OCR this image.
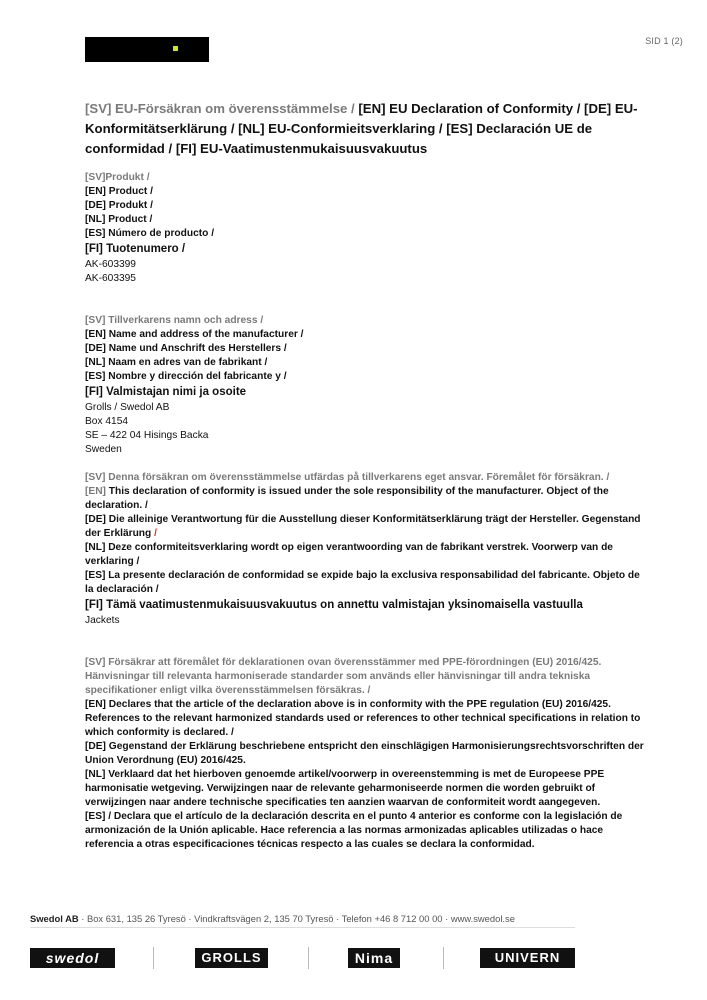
SID 1 (2)

[SV] EU-Försäkran om överensstämmelse / [EN] EU Declaration of Conformity / [DE] EU-Konformitätserklärung / [NL] EU-Conformieitsverklaring / [ES] Declaración UE de conformidad / [FI] EU-Vaatimustenmukaisuusvakuutus

[SV]Produkt /
[EN] Product /
[DE] Produkt /
[NL] Product /
[ES] Número de producto /
[FI] Tuotenumero /
AK-603399
AK-603395
[SV] Tillverkarens namn och adress /
[EN] Name and address of the manufacturer /
[DE] Name und Anschrift des Herstellers /
[NL] Naam en adres van de fabrikant /
[ES] Nombre y dirección del fabricante y /
[FI] Valmistajan nimi ja osoite
Grolls / Swedol AB
Box 4154
SE – 422 04 Hisings Backa
Sweden
[SV] Denna försäkran om överensstämmelse utfärdas på tillverkarens eget ansvar. Föremålet för försäkran. /
[EN] This declaration of conformity is issued under the sole responsibility of the manufacturer. Object of the declaration. /
[DE] Die alleinige Verantwortung für die Ausstellung dieser Konformitätserklärung trägt der Hersteller. Gegenstand der Erklärung /
[NL] Deze conformiteitsverklaring wordt op eigen verantwoording van de fabrikant verstrek. Voorwerp van de verklaring /
[ES] La presente declaración de conformidad se expide bajo la exclusiva responsabilidad del fabricante. Objeto de la declaración /
[FI] Tämä vaatimustenmukaisuusvakuutus on annettu valmistajan yksinomaisella vastuulla
Jackets
[SV] Försäkrar att föremålet för deklarationen ovan överensstämmer med PPE-förordningen (EU) 2016/425. Hänvisningar till relevanta harmoniserade standarder som används eller hänvisningar till andra tekniska specifikationer enligt vilka överensstämmelsen försäkras. /
[EN] Declares that the article of the declaration above is in conformity with the PPE regulation (EU) 2016/425. References to the relevant harmonized standards used or references to other technical specifications in relation to which conformity is declared. /
[DE] Gegenstand der Erklärung beschriebene entspricht den einschlägigen Harmonisierungsrechtsvorschriften der Union Verordnung (EU) 2016/425.
[NL] Verklaard dat het hierboven genoemde artikel/voorwerp in overeenstemming is met de Europeese PPE harmonisatie wetgeving. Verwijzingen naar de relevante geharmoniseerde normen die worden gebruikt of verwijzingen naar andere technische specificaties ten aanzien waarvan de conformiteit wordt aangegeven.
[ES] / Declara que el artículo de la declaración descrita en el punto 4 anterior es conforme con la legislación de armonización de la Unión aplicable. Hace referencia a las normas armonizadas aplicables utilizadas o hace referencia a otras especificaciones técnicas respecto a las cuales se declara la conformidad.
Swedol AB · Box 631, 135 26 Tyresö · Vindkraftsvägen 2, 135 70 Tyresö · Telefon +46 8 712 00 00 · www.swedol.se
swedol	GROLLS	Nima	UNIVERN
